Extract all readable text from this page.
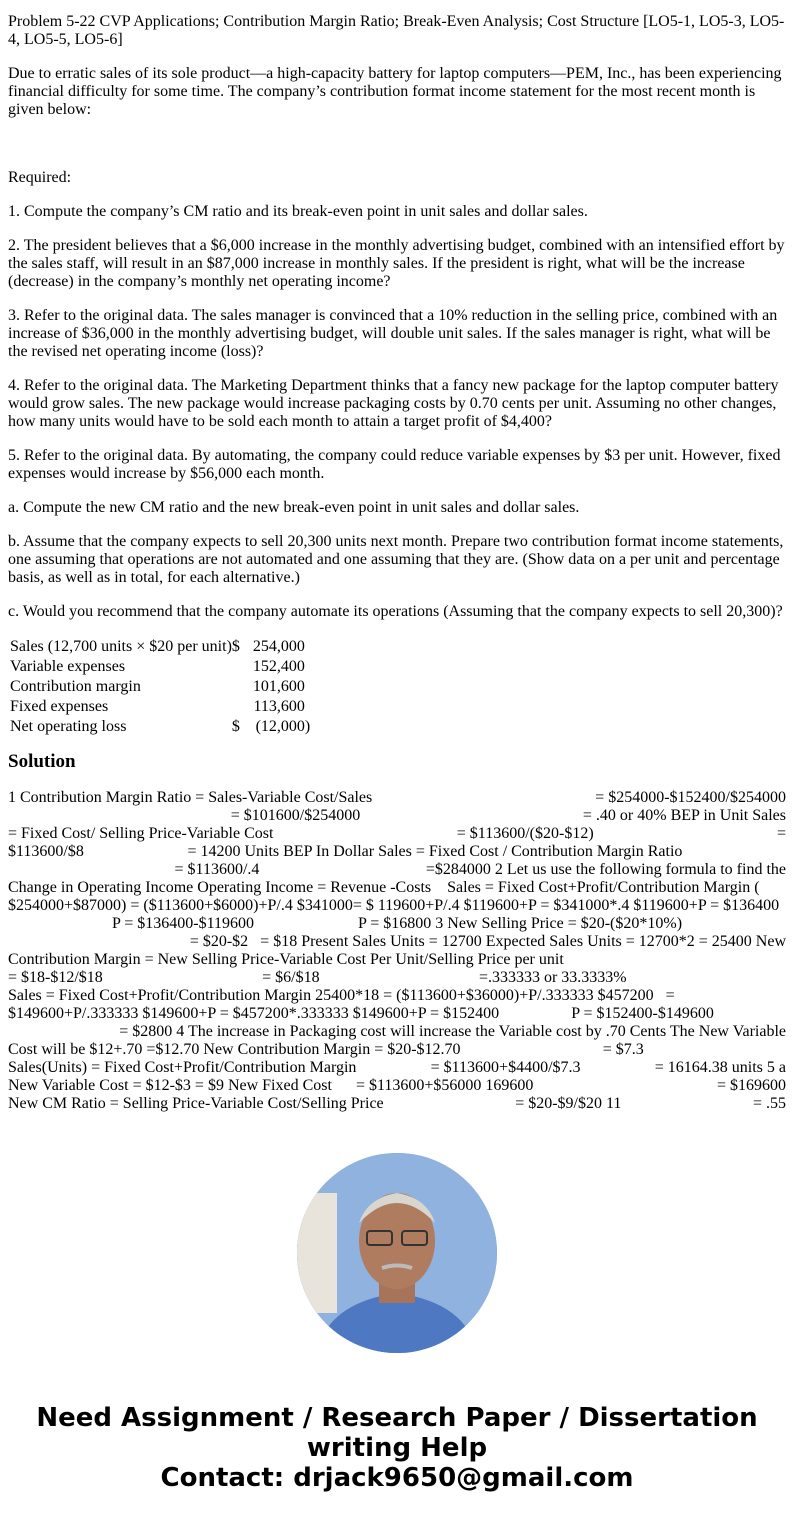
Problem 5-22 CVP Applications; Contribution Margin Ratio; Break-Even Analysis; Cost Structure [LO5-1, LO5-3, LO5-4, LO5-5, LO5-6]

Due to erratic sales of its sole product—a high-capacity battery for laptop computers—PEM, Inc., has been experiencing financial difficulty for some time. The company’s contribution format income statement for the most recent month is given below:

Required:

1. Compute the company’s CM ratio and its break-even point in unit sales and dollar sales.

2. The president believes that a $6,000 increase in the monthly advertising budget, combined with an intensified effort by the sales staff, will result in an $87,000 increase in monthly sales. If the president is right, what will be the increase (decrease) in the company’s monthly net operating income?

3. Refer to the original data. The sales manager is convinced that a 10% reduction in the selling price, combined with an increase of $36,000 in the monthly advertising budget, will double unit sales. If the sales manager is right, what will be the revised net operating income (loss)?

4. Refer to the original data. The Marketing Department thinks that a fancy new package for the laptop computer battery would grow sales. The new package would increase packaging costs by 0.70 cents per unit. Assuming no other changes, how many units would have to be sold each month to attain a target profit of $4,400?

5. Refer to the original data. By automating, the company could reduce variable expenses by $3 per unit. However, fixed expenses would increase by $56,000 each month.

a. Compute the new CM ratio and the new break-even point in unit sales and dollar sales.

b. Assume that the company expects to sell 20,300 units next month. Prepare two contribution format income statements, one assuming that operations are not automated and one assuming that they are. (Show data on a per unit and percentage basis, as well as in total, for each alternative.)

c. Would you recommend that the company automate its operations (Assuming that the company expects to sell 20,300)?

Sales (12,700 units × $20 per unit)	$	254,000	
Variable expenses		152,400	
Contribution margin		101,600	
Fixed expenses		113,600	
Net operating loss	$	(12,000	)
Solution
1 Contribution Margin Ratio = Sales-Variable Cost/Sales	= $254000-$152400/$254000
= $101600/$254000	= .40 or 40% BEP in Unit Sales
= Fixed Cost/ Selling Price-Variable Cost	= $113600/($20-$12)	=
$113600/$8	= 14200 Units BEP In Dollar Sales = Fixed Cost / Contribution Margin Ratio
= $113600/.4	=$284000 2 Let us use the following formula to find the
Change in Operating Income Operating Income = Revenue -Costs    Sales = Fixed Cost+Profit/Contribution Margin (
$254000+$87000) = ($113600+$6000)+P/.4 $341000= $ 119600+P/.4 $119600+P = $341000*.4 $119600+P = $136400
P = $136400-$119600	P = $16800 3 New Selling Price = $20-($20*10%)
= $20-$2   = $18 Present Sales Units = 12700 Expected Sales Units = 12700*2 = 25400 New
Contribution Margin = New Selling Price-Variable Cost Per Unit/Selling Price per unit
= $18-$12/$18	= $6/$18	=.333333 or 33.3333%
Sales = Fixed Cost+Profit/Contribution Margin 25400*18 = ($113600+$36000)+P/.333333 $457200   =
$149600+P/.333333 $149600+P = $457200*.333333 $149600+P = $152400	P = $152400-$149600
= $2800 4 The increase in Packaging cost will increase the Variable cost by .70 Cents The New Variable
Cost will be $12+.70 =$12.70 New Contribution Margin = $20-$12.70	= $7.3
Sales(Units) = Fixed Cost+Profit/Contribution Margin	= $113600+$4400/$7.3	= 16164.38 units 5 a
New Variable Cost = $12-$3 = $9 New Fixed Cost      = $113600+$56000 169600	= $169600
New CM Ratio = Selling Price-Variable Cost/Selling Price	= $20-$9/$20 11	= .55
Need Assignment / Research Paper / Dissertation
writing Help
Contact: drjack9650@gmail.com
